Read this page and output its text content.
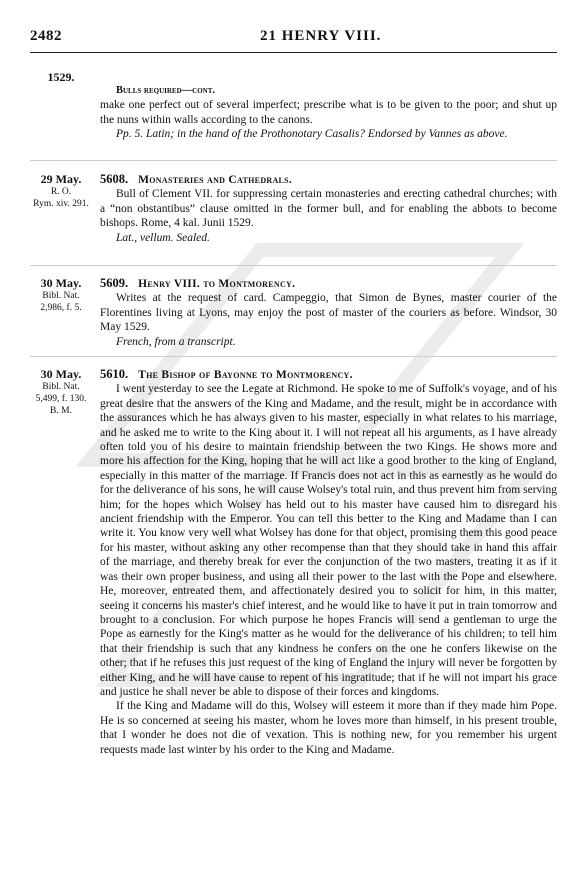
2482	21 HENRY VIII.
1529.
Bulls required—cont.

make one perfect out of several imperfect; prescribe what is to be given to the poor; and shut up the nuns within walls according to the canons.

Pp. 5. Latin; in the hand of the Prothonotary Casalis? Endorsed by Vannes as above.

29 May.
R. O.
Rym. xiv. 291.
5608. Monasteries and Cathedrals.

Bull of Clement VII. for suppressing certain monasteries and erecting cathedral churches; with a “non obstantibus” clause omitted in the former bull, and for enabling the abbots to become bishops. Rome, 4 kal. Junii 1529.

Lat., vellum. Sealed.

30 May.
Bibl. Nat.
2,986, f. 5.
5609. Henry VIII. to Montmorency.

Writes at the request of card. Campeggio, that Simon de Bynes, master courier of the Florentines living at Lyons, may enjoy the post of master of the couriers as before. Windsor, 30 May 1529.

French, from a transcript.

30 May.
Bibl. Nat.
5,499, f. 130.
B. M.
5610. The Bishop of Bayonne to Montmorency.

I went yesterday to see the Legate at Richmond. He spoke to me of Suffolk's voyage, and of his great desire that the answers of the King and Madame, and the result, might be in accordance with the assurances which he has always given to his master, especially in what relates to his marriage, and he asked me to write to the King about it. I will not repeat all his arguments, as I have already often told you of his desire to maintain friendship between the two Kings. He shows more and more his affection for the King, hoping that he will act like a good brother to the king of England, especially in this matter of the marriage. If Francis does not act in this as earnestly as he would do for the deliverance of his sons, he will cause Wolsey's total ruin, and thus prevent him from serving him; for the hopes which Wolsey has held out to his master have caused him to disregard his ancient friendship with the Emperor. You can tell this better to the King and Madame than I can write it. You know very well what Wolsey has done for that object, promising them this good peace for his master, without asking any other recompense than that they should take in hand this affair of the marriage, and thereby break for ever the conjunction of the two masters, treating it as if it was their own proper business, and using all their power to the last with the Pope and elsewhere. He, moreover, entreated them, and affectionately desired you to solicit for him, in this matter, seeing it concerns his master's chief interest, and he would like to have it put in train tomorrow and brought to a conclusion. For which purpose he hopes Francis will send a gentleman to urge the Pope as earnestly for the King's matter as he would for the deliverance of his children; to tell him that their friendship is such that any kindness he confers on the one he confers likewise on the other; that if he refuses this just request of the king of England the injury will never be forgotten by either King, and he will have cause to repent of his ingratitude; that if he will not impart his grace and justice he shall never be able to dispose of their forces and kingdoms.

If the King and Madame will do this, Wolsey will esteem it more than if they made him Pope. He is so concerned at seeing his master, whom he loves more than himself, in his present trouble, that I wonder he does not die of vexation. This is nothing new, for you remember his urgent requests made last winter by his order to the King and Madame.
